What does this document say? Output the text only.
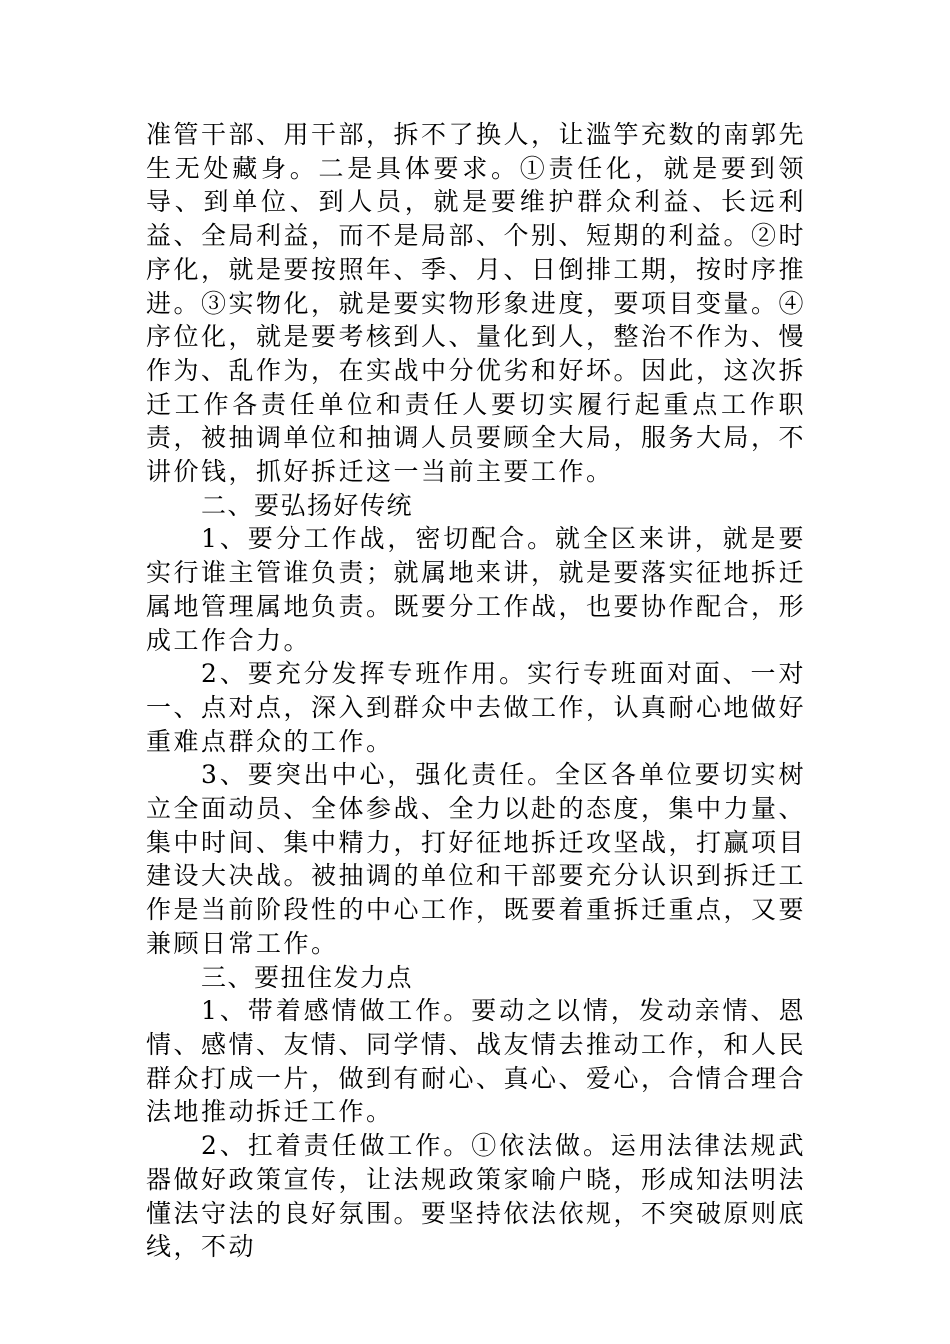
准管干部、用干部，拆不了换人，让滥竽充数的南郭先生无处藏身。二是具体要求。①责任化，就是要到领导、到单位、到人员，就是要维护群众利益、长远利益、全局利益，而不是局部、个别、短期的利益。②时序化，就是要按照年、季、月、日倒排工期，按时序推进。③实物化，就是要实物形象进度，要项目变量。④序位化，就是要考核到人、量化到人，整治不作为、慢作为、乱作为，在实战中分优劣和好坏。因此，这次拆迁工作各责任单位和责任人要切实履行起重点工作职责，被抽调单位和抽调人员要顾全大局，服务大局，不讲价钱，抓好拆迁这一当前主要工作。

二、要弘扬好传统

1、要分工作战，密切配合。就全区来讲，就是要实行谁主管谁负责；就属地来讲，就是要落实征地拆迁属地管理属地负责。既要分工作战，也要协作配合，形成工作合力。

2、要充分发挥专班作用。实行专班面对面、一对一、点对点，深入到群众中去做工作，认真耐心地做好重难点群众的工作。

3、要突出中心，强化责任。全区各单位要切实树立全面动员、全体参战、全力以赴的态度，集中力量、集中时间、集中精力，打好征地拆迁攻坚战，打赢项目建设大决战。被抽调的单位和干部要充分认识到拆迁工作是当前阶段性的中心工作，既要着重拆迁重点，又要兼顾日常工作。

三、要扭住发力点

1、带着感情做工作。要动之以情，发动亲情、恩情、感情、友情、同学情、战友情去推动工作，和人民群众打成一片，做到有耐心、真心、爱心，合情合理合法地推动拆迁工作。

2、扛着责任做工作。①依法做。运用法律法规武器做好政策宣传，让法规政策家喻户晓，形成知法明法懂法守法的良好氛围。要坚持依法依规，不突破原则底线，不动
